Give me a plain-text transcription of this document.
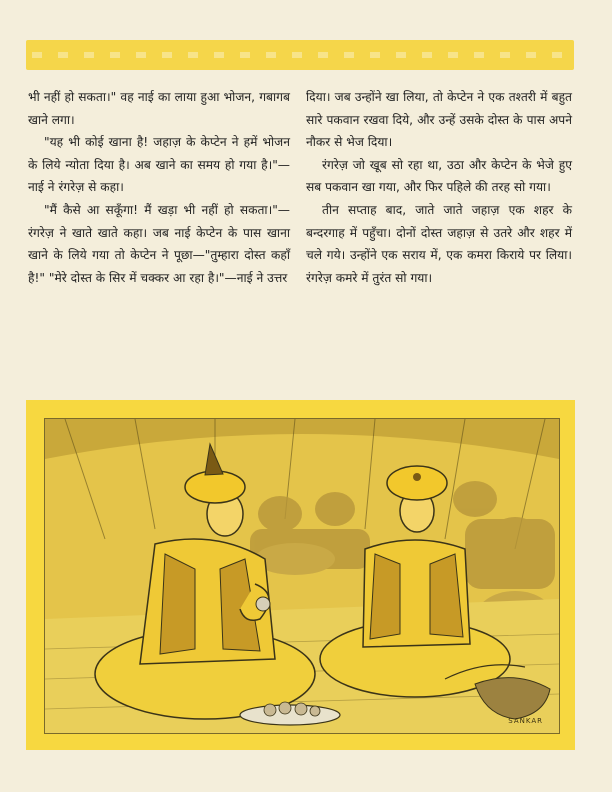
भी नहीं हो सकता।" वह नाई का लाया हुआ भोजन, गबागब खाने लगा।

"यह भी कोई खाना है! जहाज़ के केप्टेन ने हमें भोजन के लिये न्योता दिया है। अब खाने का समय हो गया है।"— नाई ने रंगरेज़ से कहा।

"मैं कैसे आ सकूँगा! मैं खड़ा भी नहीं हो सकता।"—रंगरेज़ ने खाते खाते कहा। जब नाई केप्टेन के पास खाना खाने के लिये गया तो केप्टेन ने पूछा—"तुम्हारा दोस्त कहाँ है!" "मेरे दोस्त के सिर में चक्कर आ रहा है।"—नाई ने उत्तर

दिया। जब उन्होंने खा लिया, तो केप्टेन ने एक तश्तरी में बहुत सारे पकवान रखवा दिये, और उन्हें उसके दोस्त के पास अपने नौकर से भेज दिया।

रंगरेज़ जो खूब सो रहा था, उठा और केप्टेन के भेजे हुए सब पकवान खा गया, और फिर पहिले की तरह सो गया।

तीन सप्ताह बाद, जाते जाते जहाज़ एक शहर के बन्दरगाह में पहुँचा। दोनों दोस्त जहाज़ से उतरे और शहर में चले गये। उन्होंने एक सराय में, एक कमरा किराये पर लिया। रंगरेज़ कमरे में तुरंत सो गया।

SANKAR
